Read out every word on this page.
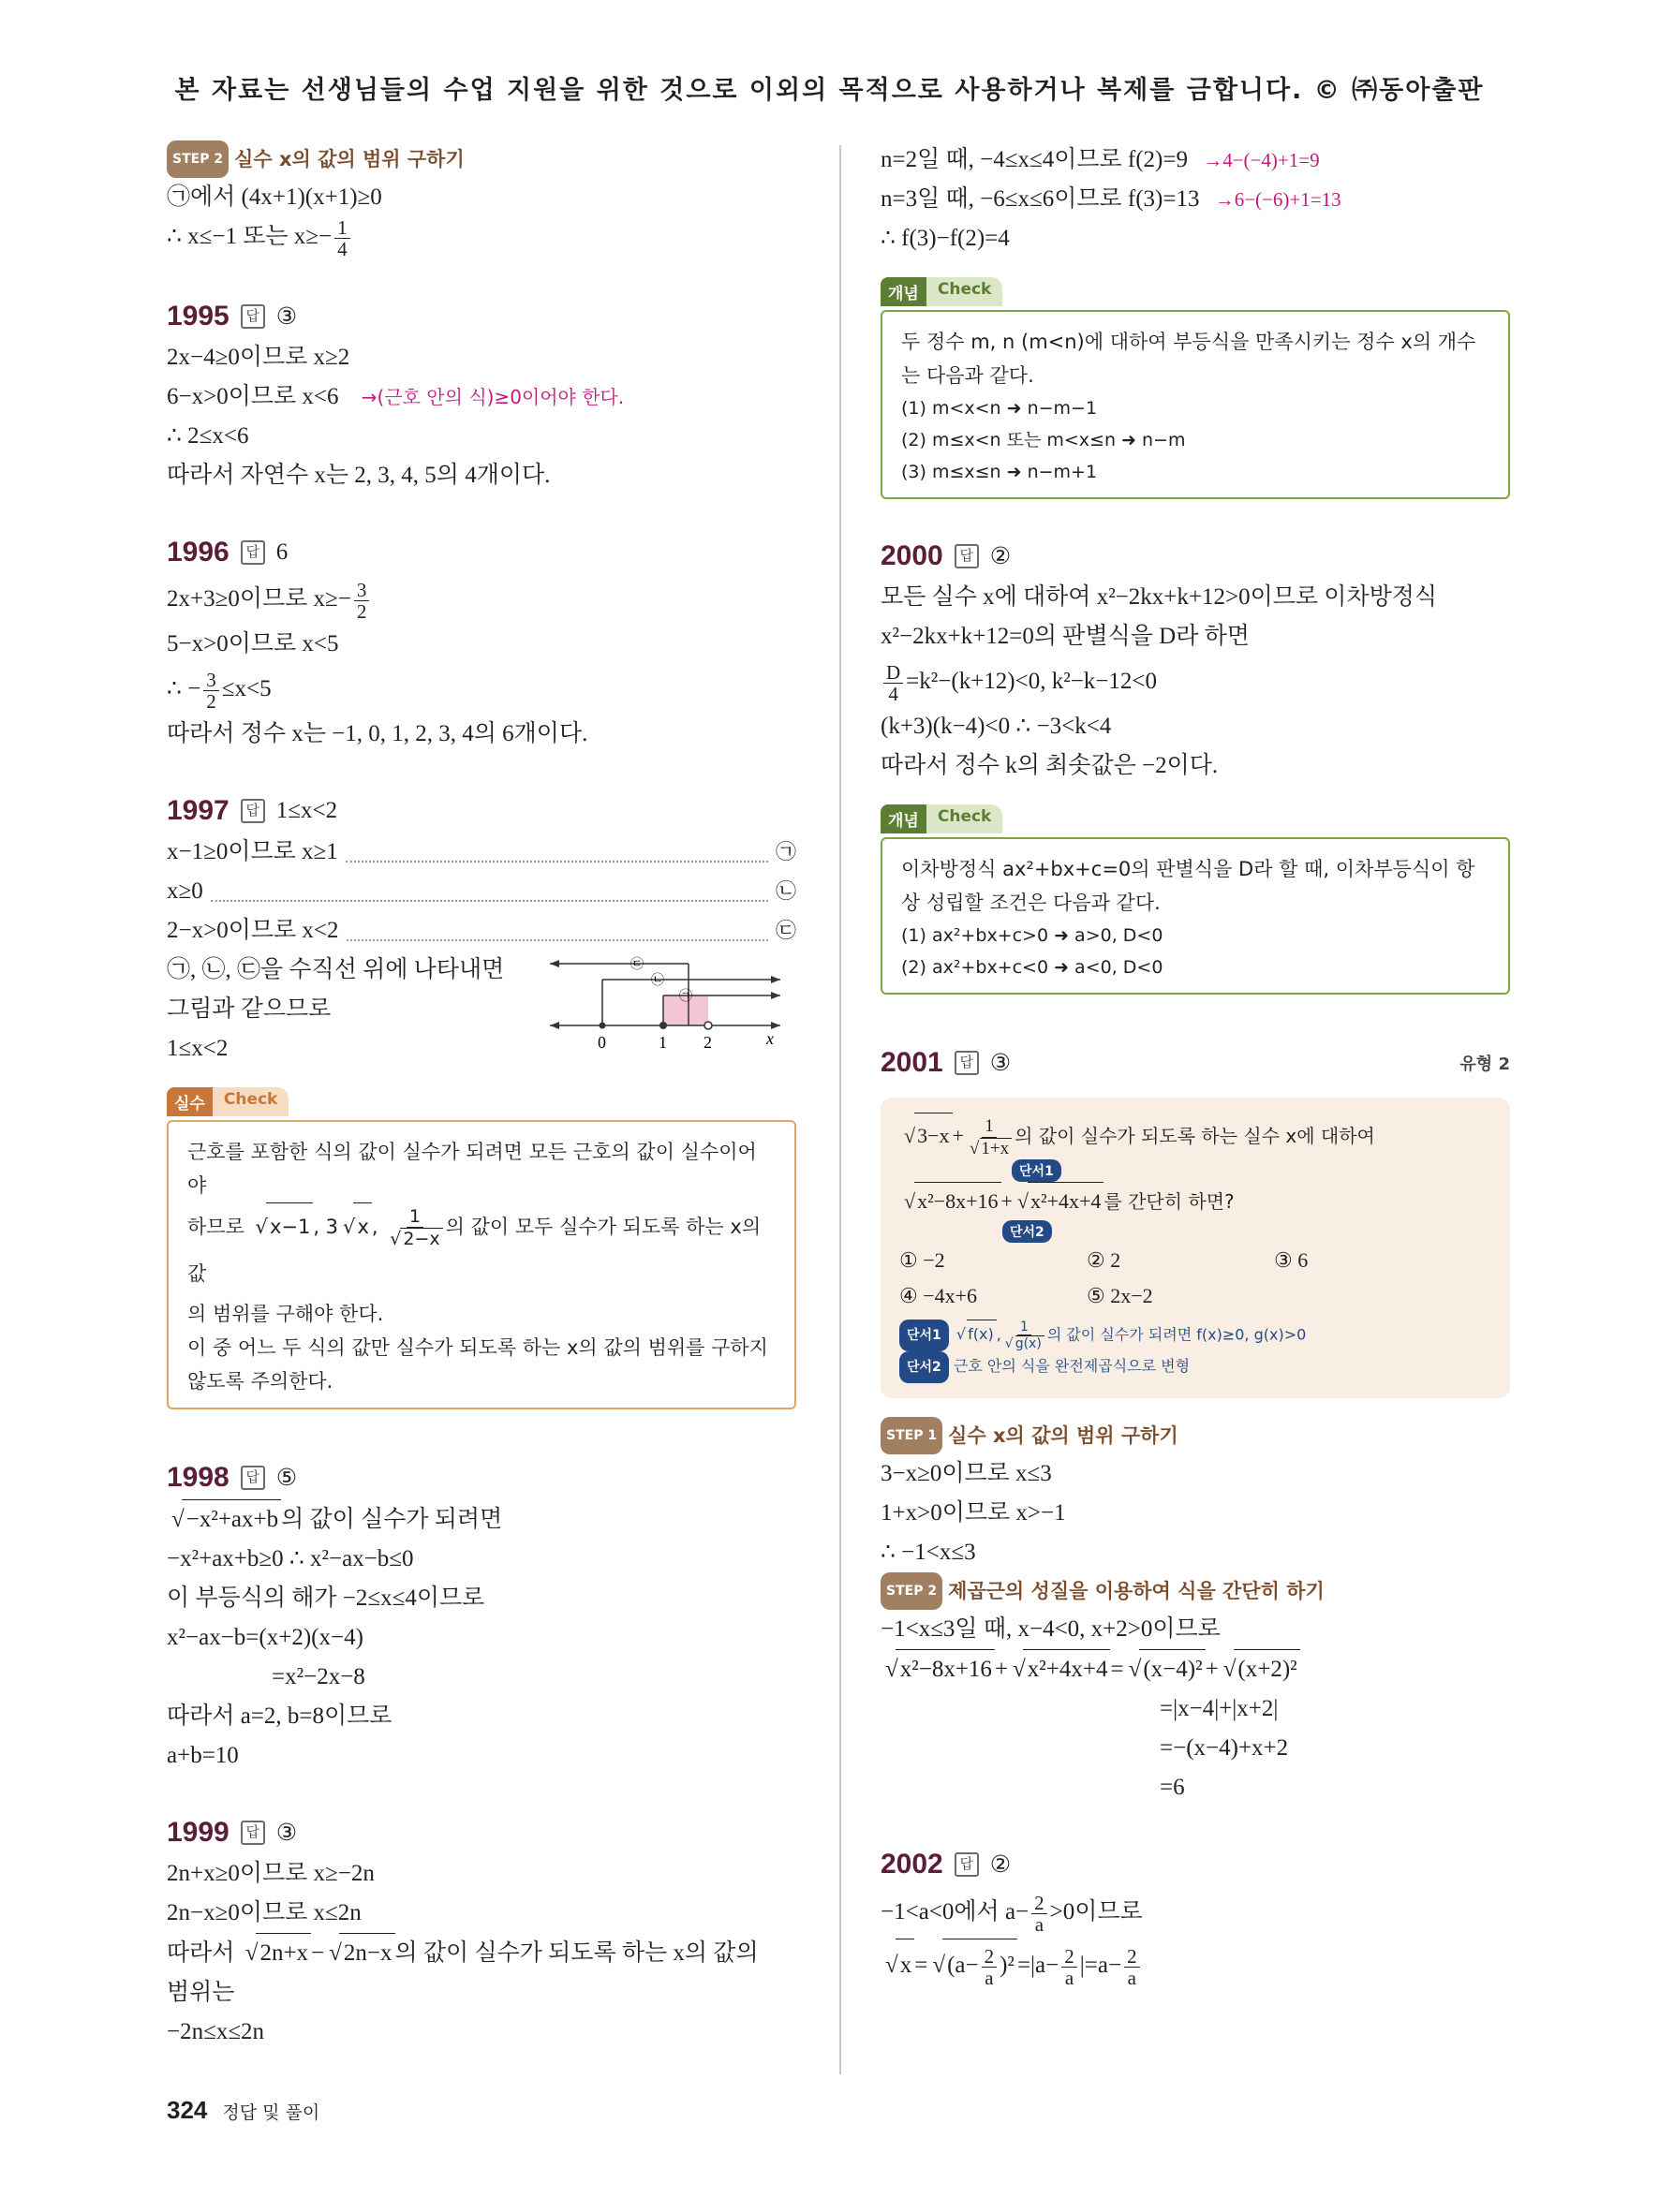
본 자료는 선생님들의 수업 지원을 위한 것으로 이외의 목적으로 사용하거나 복제를 금합니다. © ㈜동아출판
STEP 2 실수 x의 값의 범위 구하기
㉠에서 (4x+1)(x+1)≥0
∴ x≤−1 또는 $x\ge- \frac{1}{4}$
1995	답 ③
2x−4≥0이므로 x≥2
6−x>0이므로 x<6 →(근호 안의 식)≥0이어야 한다.
∴ 2≤x<6
따라서 자연수 x는 2, 3, 4, 5의 4개이다.
1996	답 6
2x+3≥0이므로 $x\ge- \frac{3}{2}$
5−x>0이므로 x<5
∴ − $\frac{3}{2} \le x<5$
따라서 정수 x는 −1, 0, 1, 2, 3, 4의 6개이다.
1997	답 1≤x<2
x−1≥0이므로 x≥1	㉠
x≥0	㉡
2−x>0이므로 x<2	㉢
㉠, ㉡, ㉢을 수직선 위에 나타내면
그림과 같으므로
1≤x<2	0	1 2	x
㉢
㉡
㉠
실수	Check
근호를 포함한 식의 값이 실수가 되려면 모든 근호의 값이 실수이어야
하므로 √ x−1 , 3 √ x , 1
√ 2−x 의 값이 모두 실수가 되도록 하는 x의 값
의 범위를 구해야 한다.
이 중 어느 두 식의 값만 실수가 되도록 하는 x의 값의 범위를 구하지
않도록 주의한다.
1998	답 ⑤
√ −x²+ax+b 의 값이 실수가 되려면
−x²+ax+b≥0 ∴ x²−ax−b≤0
이 부등식의 해가 −2≤x≤4이므로
x²−ax−b=(x+2)(x−4)
=x²−2x−8
따라서 a=2, b=8이므로
a+b=10
1999	답 ③
2n+x≥0이므로 x≥−2n
2n−x≥0이므로 x≤2n
따라서 √ 2n+x − √ 2n−x 의 값이 실수가 되도록 하는 x의 값의
범위는
−2n≤x≤2n
n=2일 때, −4≤x≤4이므로 f(2)=9 →4−(−4)+1=9
n=3일 때, −6≤x≤6이므로 f(3)=13 →6−(−6)+1=13
∴ f(3)−f(2)=4
개념	Check
두 정수 m, n (m<n)에 대하여 부등식을 만족시키는 정수 x의 개수
는 다음과 같다.
(1) m<x<n ➜ n−m−1
(2) m≤x<n 또는 m<x≤n ➜ n−m
(3) m≤x≤n ➜ n−m+1
2000	답 ②
모든 실수 x에 대하여 x²−2kx+k+12>0이므로 이차방정식
x²−2kx+k+12=0의 판별식을 D라 하면
$\frac{D}{4} =k^2-(k+12)<0$, k²−k−12<0
(k+3)(k−4)<0 ∴ −3<k<4
따라서 정수 k의 최솟값은 −2이다.
개념	Check
이차방정식 ax²+bx+c=0의 판별식을 D라 할 때, 이차부등식이 항
상 성립할 조건은 다음과 같다.
(1) ax²+bx+c>0 ➜ a>0, D<0
(2) ax²+bx+c<0 ➜ a<0, D<0
2001	답 ③	유형 2
√ 3−x + 1
√ 1+x 의 값이 실수가 되도록 하는 실수 x에 대하여
단서1
√ x²−8x+16 + √ x²+4x+4 를 간단히 하면?
단서2
① −2	② 2	③ 6
④ −4x+6	⑤ 2x−2
단서1 √ f(x) , 1
√ g(x) 의 값이 실수가 되려면 f(x)≥0, g(x)>0
단서2 근호 안의 식을 완전제곱식으로 변형
STEP 1 실수 x의 값의 범위 구하기
3−x≥0이므로 x≤3
1+x>0이므로 x>−1
∴ −1<x≤3
STEP 2 제곱근의 성질을 이용하여 식을 간단히 하기
−1<x≤3일 때, x−4<0, x+2>0이므로
√ x²−8x+16 + √ x²+4x+4 = √ (x−4)² + √ (x+2)²
=|x−4|+|x+2|
=−(x−4)+x+2
=6
2002	답 ②
−1<a<0에서 $a- \frac{2}{a} >0$이므로
√ x = √ $(a- \frac{2}{a} )^2 =|a- \frac{2}{a} |=a- \frac{2}{a}$
324 정답 및 풀이
